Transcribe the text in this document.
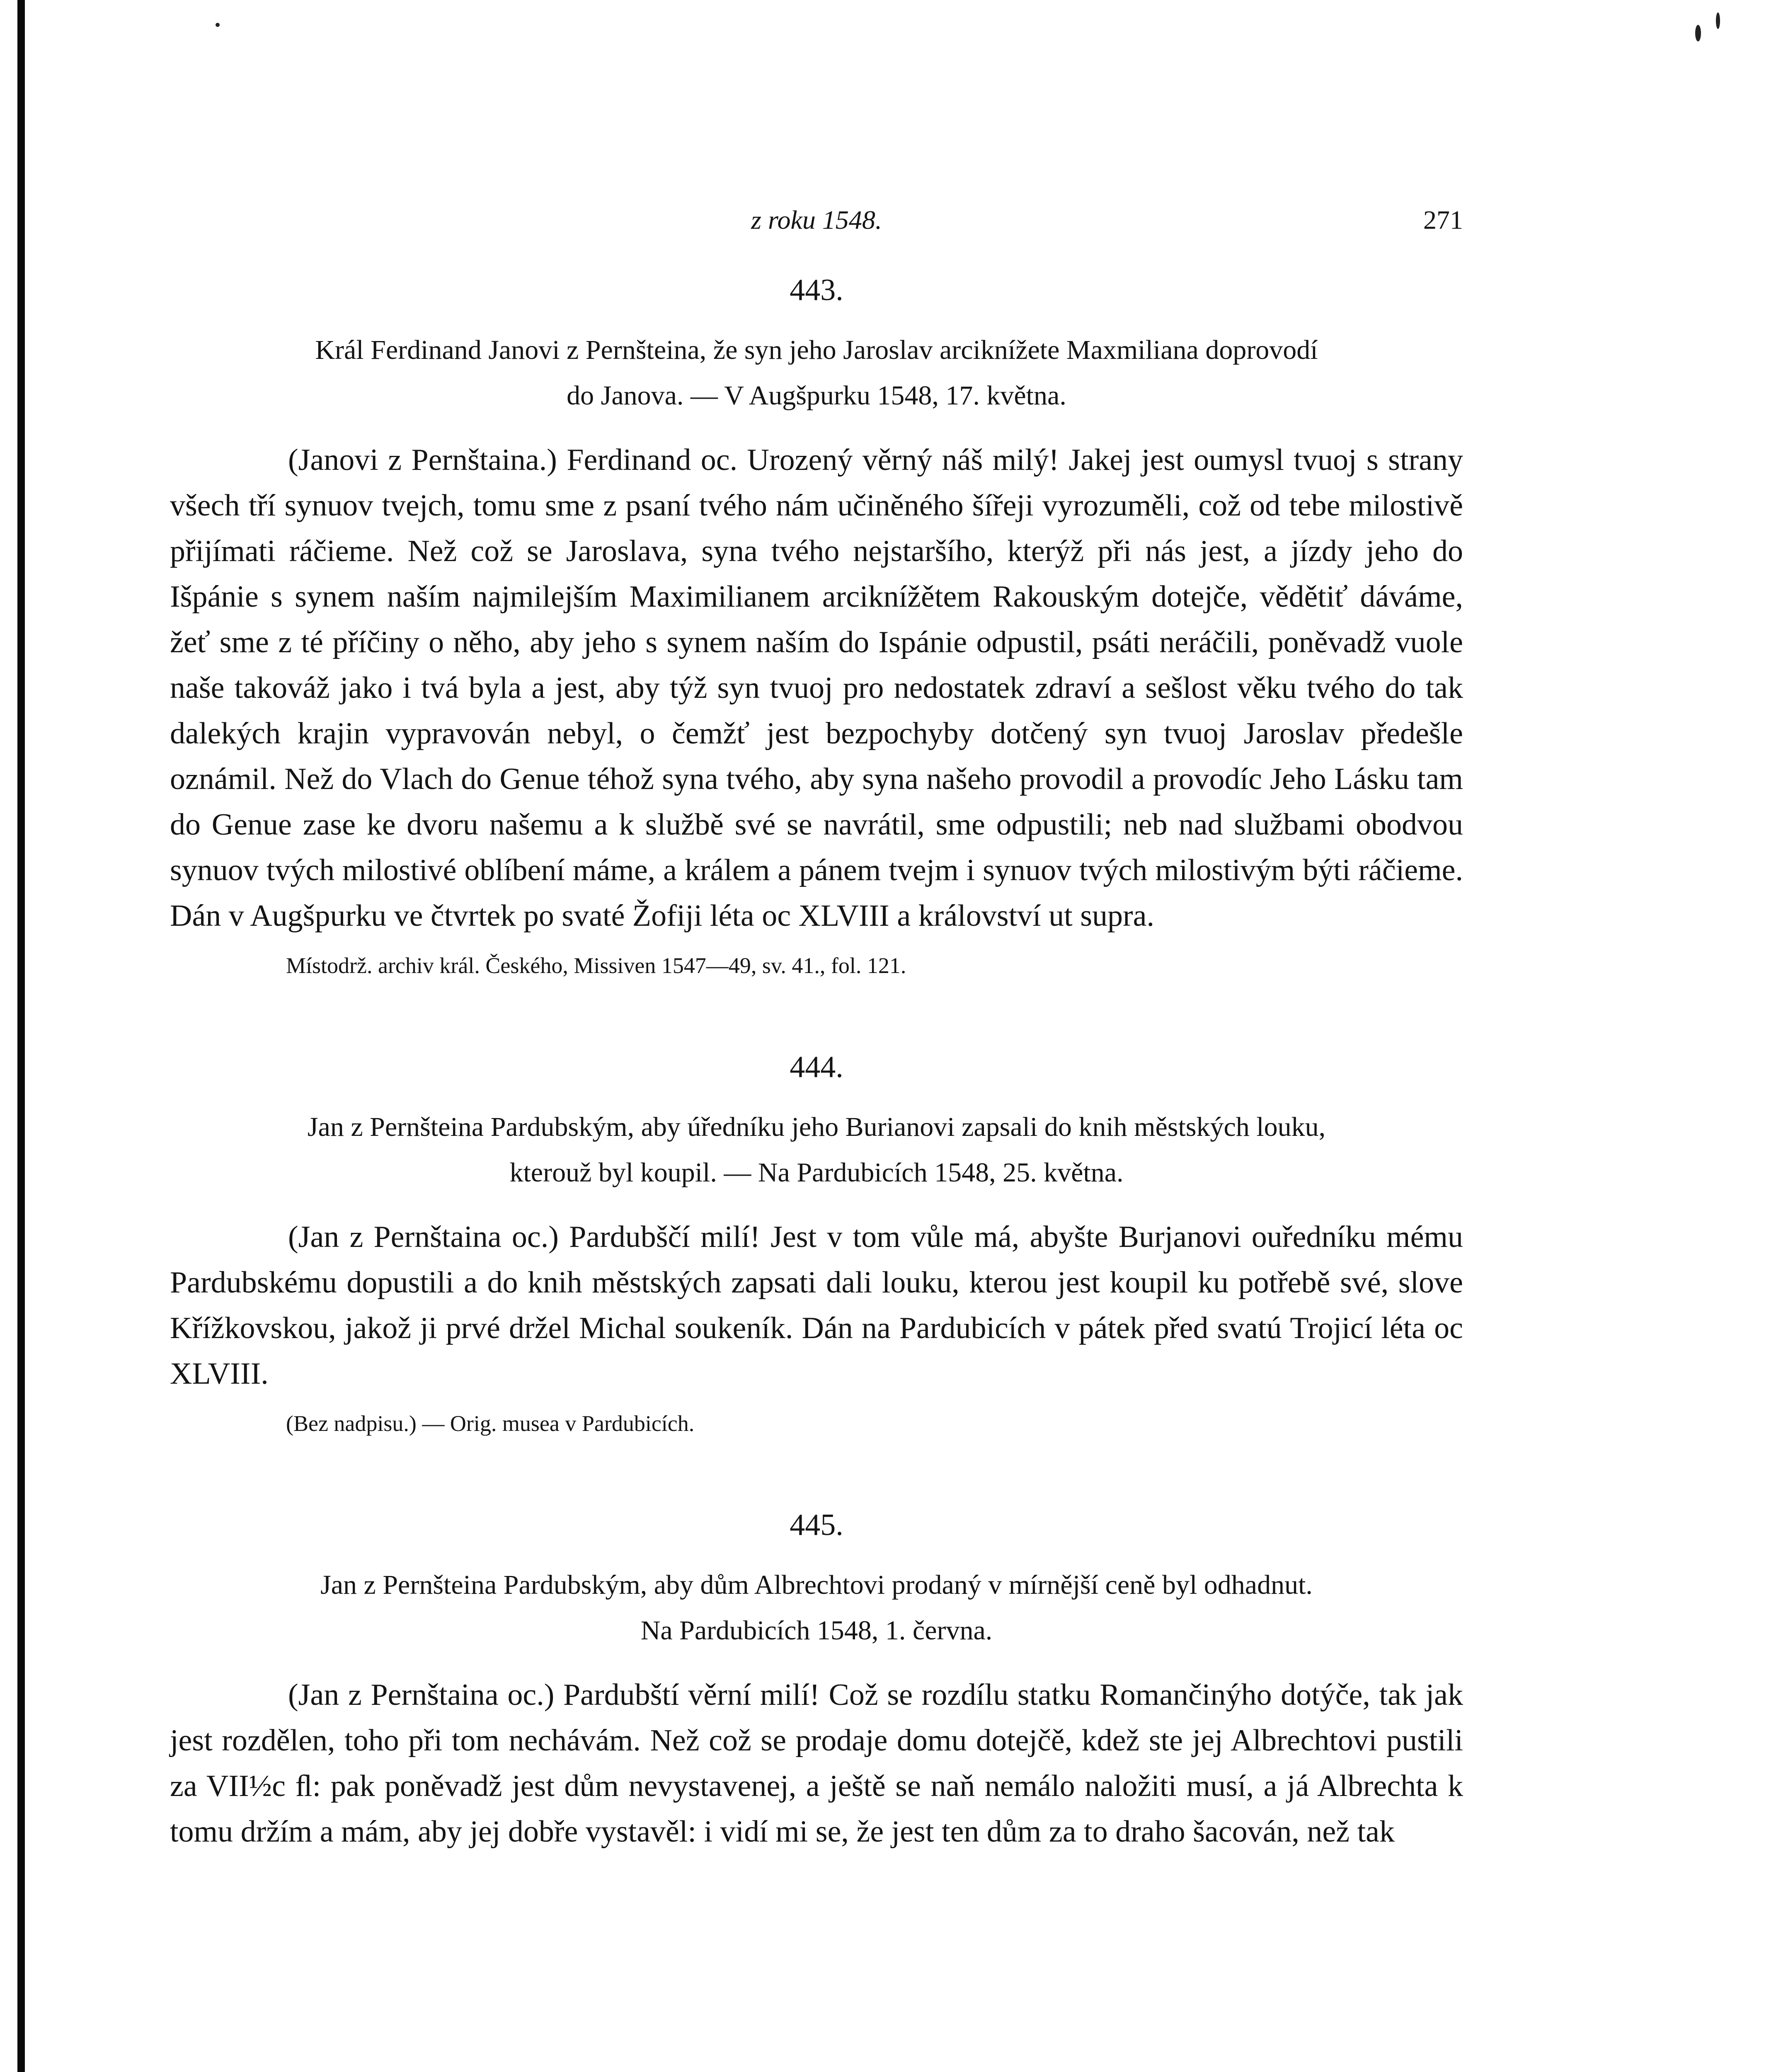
z roku 1548.	271

443.

Král Ferdinand Janovi z Pernšteina, že syn jeho Jaroslav arciknížete Maxmiliana doprovodí
do Janova. — V Augšpurku 1548, 17. května.

(Janovi z Pernštaina.) Ferdinand oc. Urozený věrný náš milý! Jakej jest oumysl tvuoj s strany všech tří synuov tvejch, tomu sme z psaní tvého nám učiněného šířeji vyrozuměli, což od tebe milostivě přijímati ráčieme. Než což se Jaroslava, syna tvého nejstaršího, kterýž při nás jest, a jízdy jeho do Išpánie s synem naším najmilejším Maximilianem arciknížětem Rakouským dotejče, vědětiť dáváme, žeť sme z té příčiny o něho, aby jeho s synem naším do Ispánie odpustil, psáti neráčili, poněvadž vuole naše takováž jako i tvá byla a jest, aby týž syn tvuoj pro nedostatek zdraví a sešlost věku tvého do tak dalekých krajin vypravován nebyl, o čemžť jest bezpochyby dotčený syn tvuoj Jaroslav předešle oznámil. Než do Vlach do Genue téhož syna tvého, aby syna našeho provodil a provodíc Jeho Lásku tam do Genue zase ke dvoru našemu a k službě své se navrátil, sme odpustili; neb nad službami obodvou synuov tvých milostivé oblíbení máme, a králem a pánem tvejm i synuov tvých milostivým býti ráčieme. Dán v Augšpurku ve čtvrtek po svaté Žofiji léta oc XLVIII a království ut supra.

Místodrž. archiv král. Českého, Missiven 1547—49, sv. 41., fol. 121.

444.

Jan z Pernšteina Pardubským, aby úředníku jeho Burianovi zapsali do knih městských louku,
kterouž byl koupil. — Na Pardubicích 1548, 25. května.

(Jan z Pernštaina oc.) Pardubščí milí! Jest v tom vůle má, abyšte Burjanovi ouředníku mému Pardubskému dopustili a do knih městských zapsati dali louku, kterou jest koupil ku potřebě své, slove Křížkovskou, jakož ji prvé držel Michal soukeník. Dán na Pardubicích v pátek před svatú Trojicí léta oc XLVIII.

(Bez nadpisu.) — Orig. musea v Pardubicích.

445.

Jan z Pernšteina Pardubským, aby dům Albrechtovi prodaný v mírnější ceně byl odhadnut.
Na Pardubicích 1548, 1. června.

(Jan z Pernštaina oc.) Pardubští věrní milí! Což se rozdílu statku Romančinýho dotýče, tak jak jest rozdělen, toho při tom nechávám. Než což se prodaje domu dotejčě, kdež ste jej Albrechtovi pustili za VII½c ﬂ: pak poněvadž jest dům nevystavenej, a ještě se naň nemálo naložiti musí, a já Albrechta k tomu držím a mám, aby jej dobře vystavěl: i vidí mi se, že jest ten dům za to draho šacován, než tak
